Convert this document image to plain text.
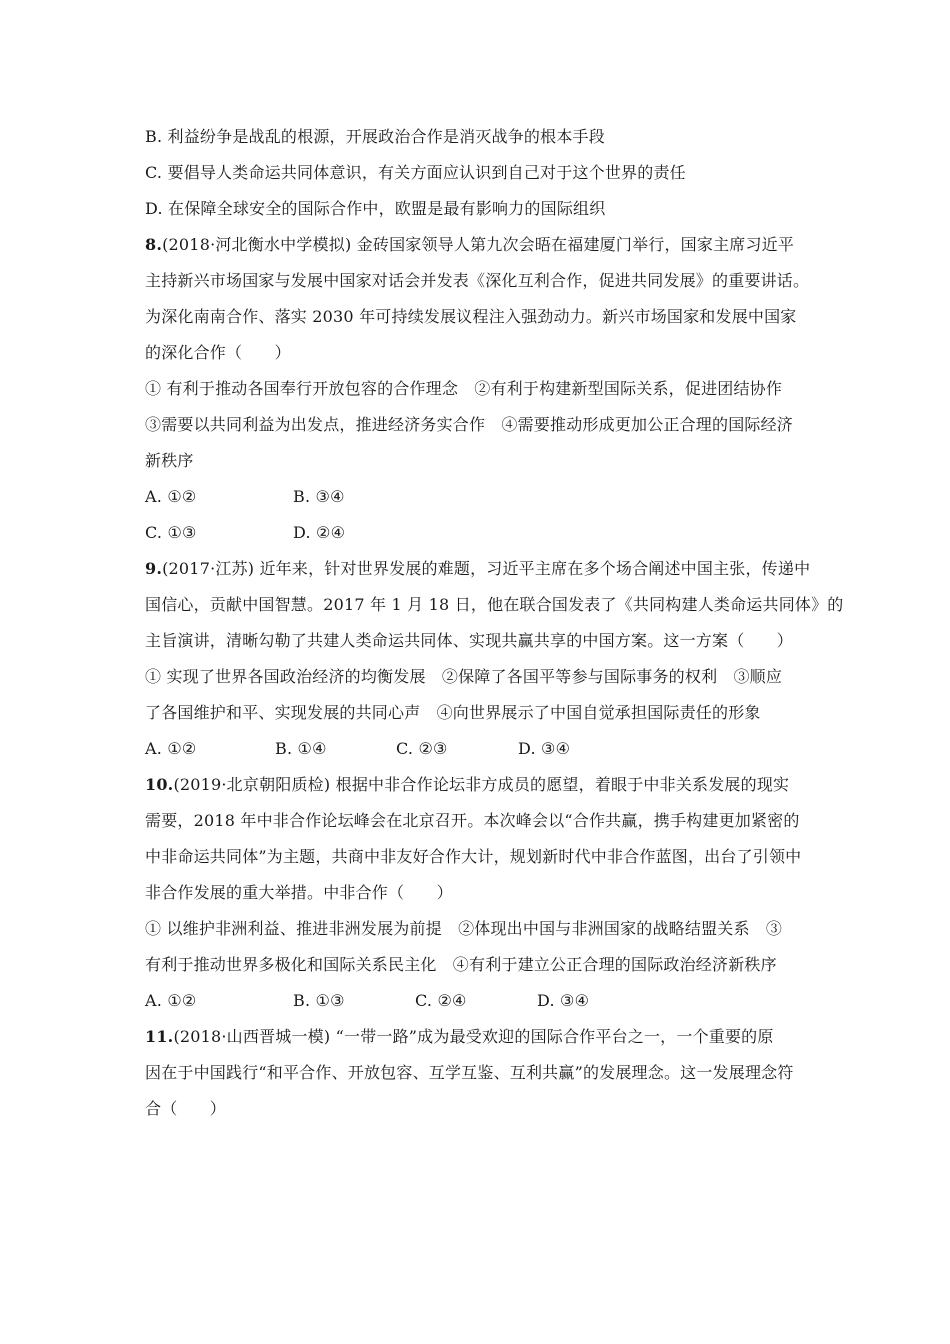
B. 利益纷争是战乱的根源，开展政治合作是消灭战争的根本手段
C. 要倡导人类命运共同体意识，有关方面应认识到自己对于这个世界的责任
D. 在保障全球安全的国际合作中，欧盟是最有影响力的国际组织
8.(2018·河北衡水中学模拟) 金砖国家领导人第九次会晤在福建厦门举行，国家主席习近平
主持新兴市场国家与发展中国家对话会并发表《深化互利合作，促进共同发展》的重要讲话。
为深化南南合作、落实 2030 年可持续发展议程注入强劲动力。新兴市场国家和发展中国家
的深化合作（　　）
① 有利于推动各国奉行开放包容的合作理念　②有利于构建新型国际关系，促进团结协作
③需要以共同利益为出发点，推进经济务实合作　④需要推动形成更加公正合理的国际经济
新秩序
A. ①②	B. ③④
C. ①③	D. ②④
9.(2017·江苏) 近年来，针对世界发展的难题，习近平主席在多个场合阐述中国主张，传递中
国信心，贡献中国智慧。2017 年 1 月 18 日，他在联合国发表了《共同构建人类命运共同体》的
主旨演讲，清晰勾勒了共建人类命运共同体、实现共赢共享的中国方案。这一方案（　　）
① 实现了世界各国政治经济的均衡发展　②保障了各国平等参与国际事务的权利　③顺应
了各国维护和平、实现发展的共同心声　④向世界展示了中国自觉承担国际责任的形象
A. ①②	B. ①④	C. ②③	D. ③④
10.(2019·北京朝阳质检) 根据中非合作论坛非方成员的愿望，着眼于中非关系发展的现实
需要，2018 年中非合作论坛峰会在北京召开。本次峰会以“合作共赢，携手构建更加紧密的
中非命运共同体”为主题，共商中非友好合作大计，规划新时代中非合作蓝图，出台了引领中
非合作发展的重大举措。中非合作（　　）
① 以维护非洲利益、推进非洲发展为前提　②体现出中国与非洲国家的战略结盟关系　③
有利于推动世界多极化和国际关系民主化　④有利于建立公正合理的国际政治经济新秩序
A. ①②	B. ①③	C. ②④	D. ③④
11.(2018·山西晋城一模) “一带一路”成为最受欢迎的国际合作平台之一，一个重要的原
因在于中国践行“和平合作、开放包容、互学互鉴、互利共赢”的发展理念。这一发展理念符
合（　　）
